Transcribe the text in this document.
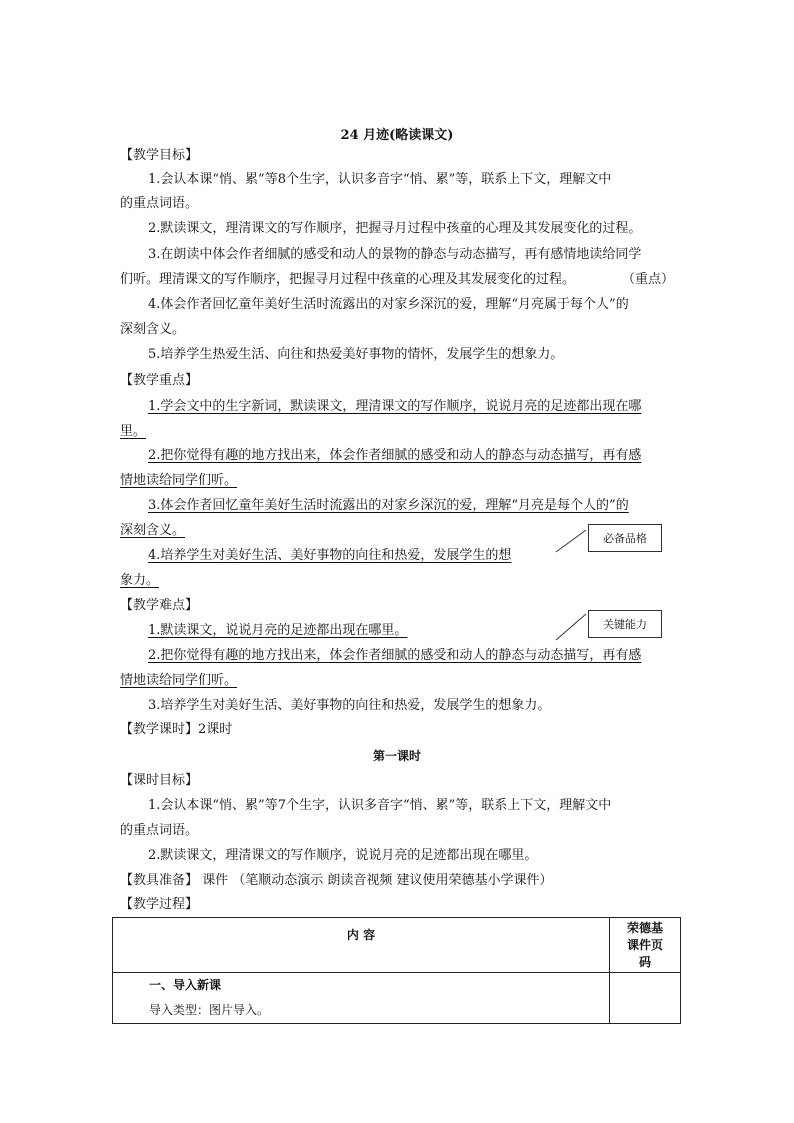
24 月迹(略读课文)
【教学目标】
1.会认本课“悄、累”等8个生字，认识多音字“悄、累”等，联系上下文，理解文中
的重点词语。
2.默读课文，理清课文的写作顺序，把握寻月过程中孩童的心理及其发展变化的过程。
3.在朗读中体会作者细腻的感受和动人的景物的静态与动态描写，再有感情地读给同学
们听。理清课文的写作顺序，把握寻月过程中孩童的心理及其发展变化的过程。	（重点）
4.体会作者回忆童年美好生活时流露出的对家乡深沉的爱，理解“月亮属于每个人”的
深刻含义。
5.培养学生热爱生活、向往和热爱美好事物的情怀，发展学生的想象力。
【教学重点】
1.学会文中的生字新词，默读课文，理清课文的写作顺序，说说月亮的足迹都出现在哪
里。
2.把你觉得有趣的地方找出来，体会作者细腻的感受和动人的静态与动态描写，再有感
情地读给同学们听。
3.体会作者回忆童年美好生活时流露出的对家乡深沉的爱，理解“月亮是每个人的”的
深刻含义。
4.培养学生对美好生活、美好事物的向往和热爱，发展学生的想
象力。
【教学难点】
1.默读课文，说说月亮的足迹都出现在哪里。
2.把你觉得有趣的地方找出来，体会作者细腻的感受和动人的静态与动态描写，再有感
情地读给同学们听。
3.培养学生对美好生活、美好事物的向往和热爱，发展学生的想象力。
【教学课时】2课时
第一课时
【课时目标】
1.会认本课“悄、累”等7个生字，认识多音字“悄、累”等，联系上下文，理解文中
的重点词语。
2.默读课文，理清课文的写作顺序，说说月亮的足迹都出现在哪里。
【教具准备】 课件 （笔顺动态演示 朗读音视频 建议使用荣德基小学课件）
【教学过程】
必备品格
关键能力
内 容	荣德基
课件页
码

一、导入新课
导入类型：图片导入。	
